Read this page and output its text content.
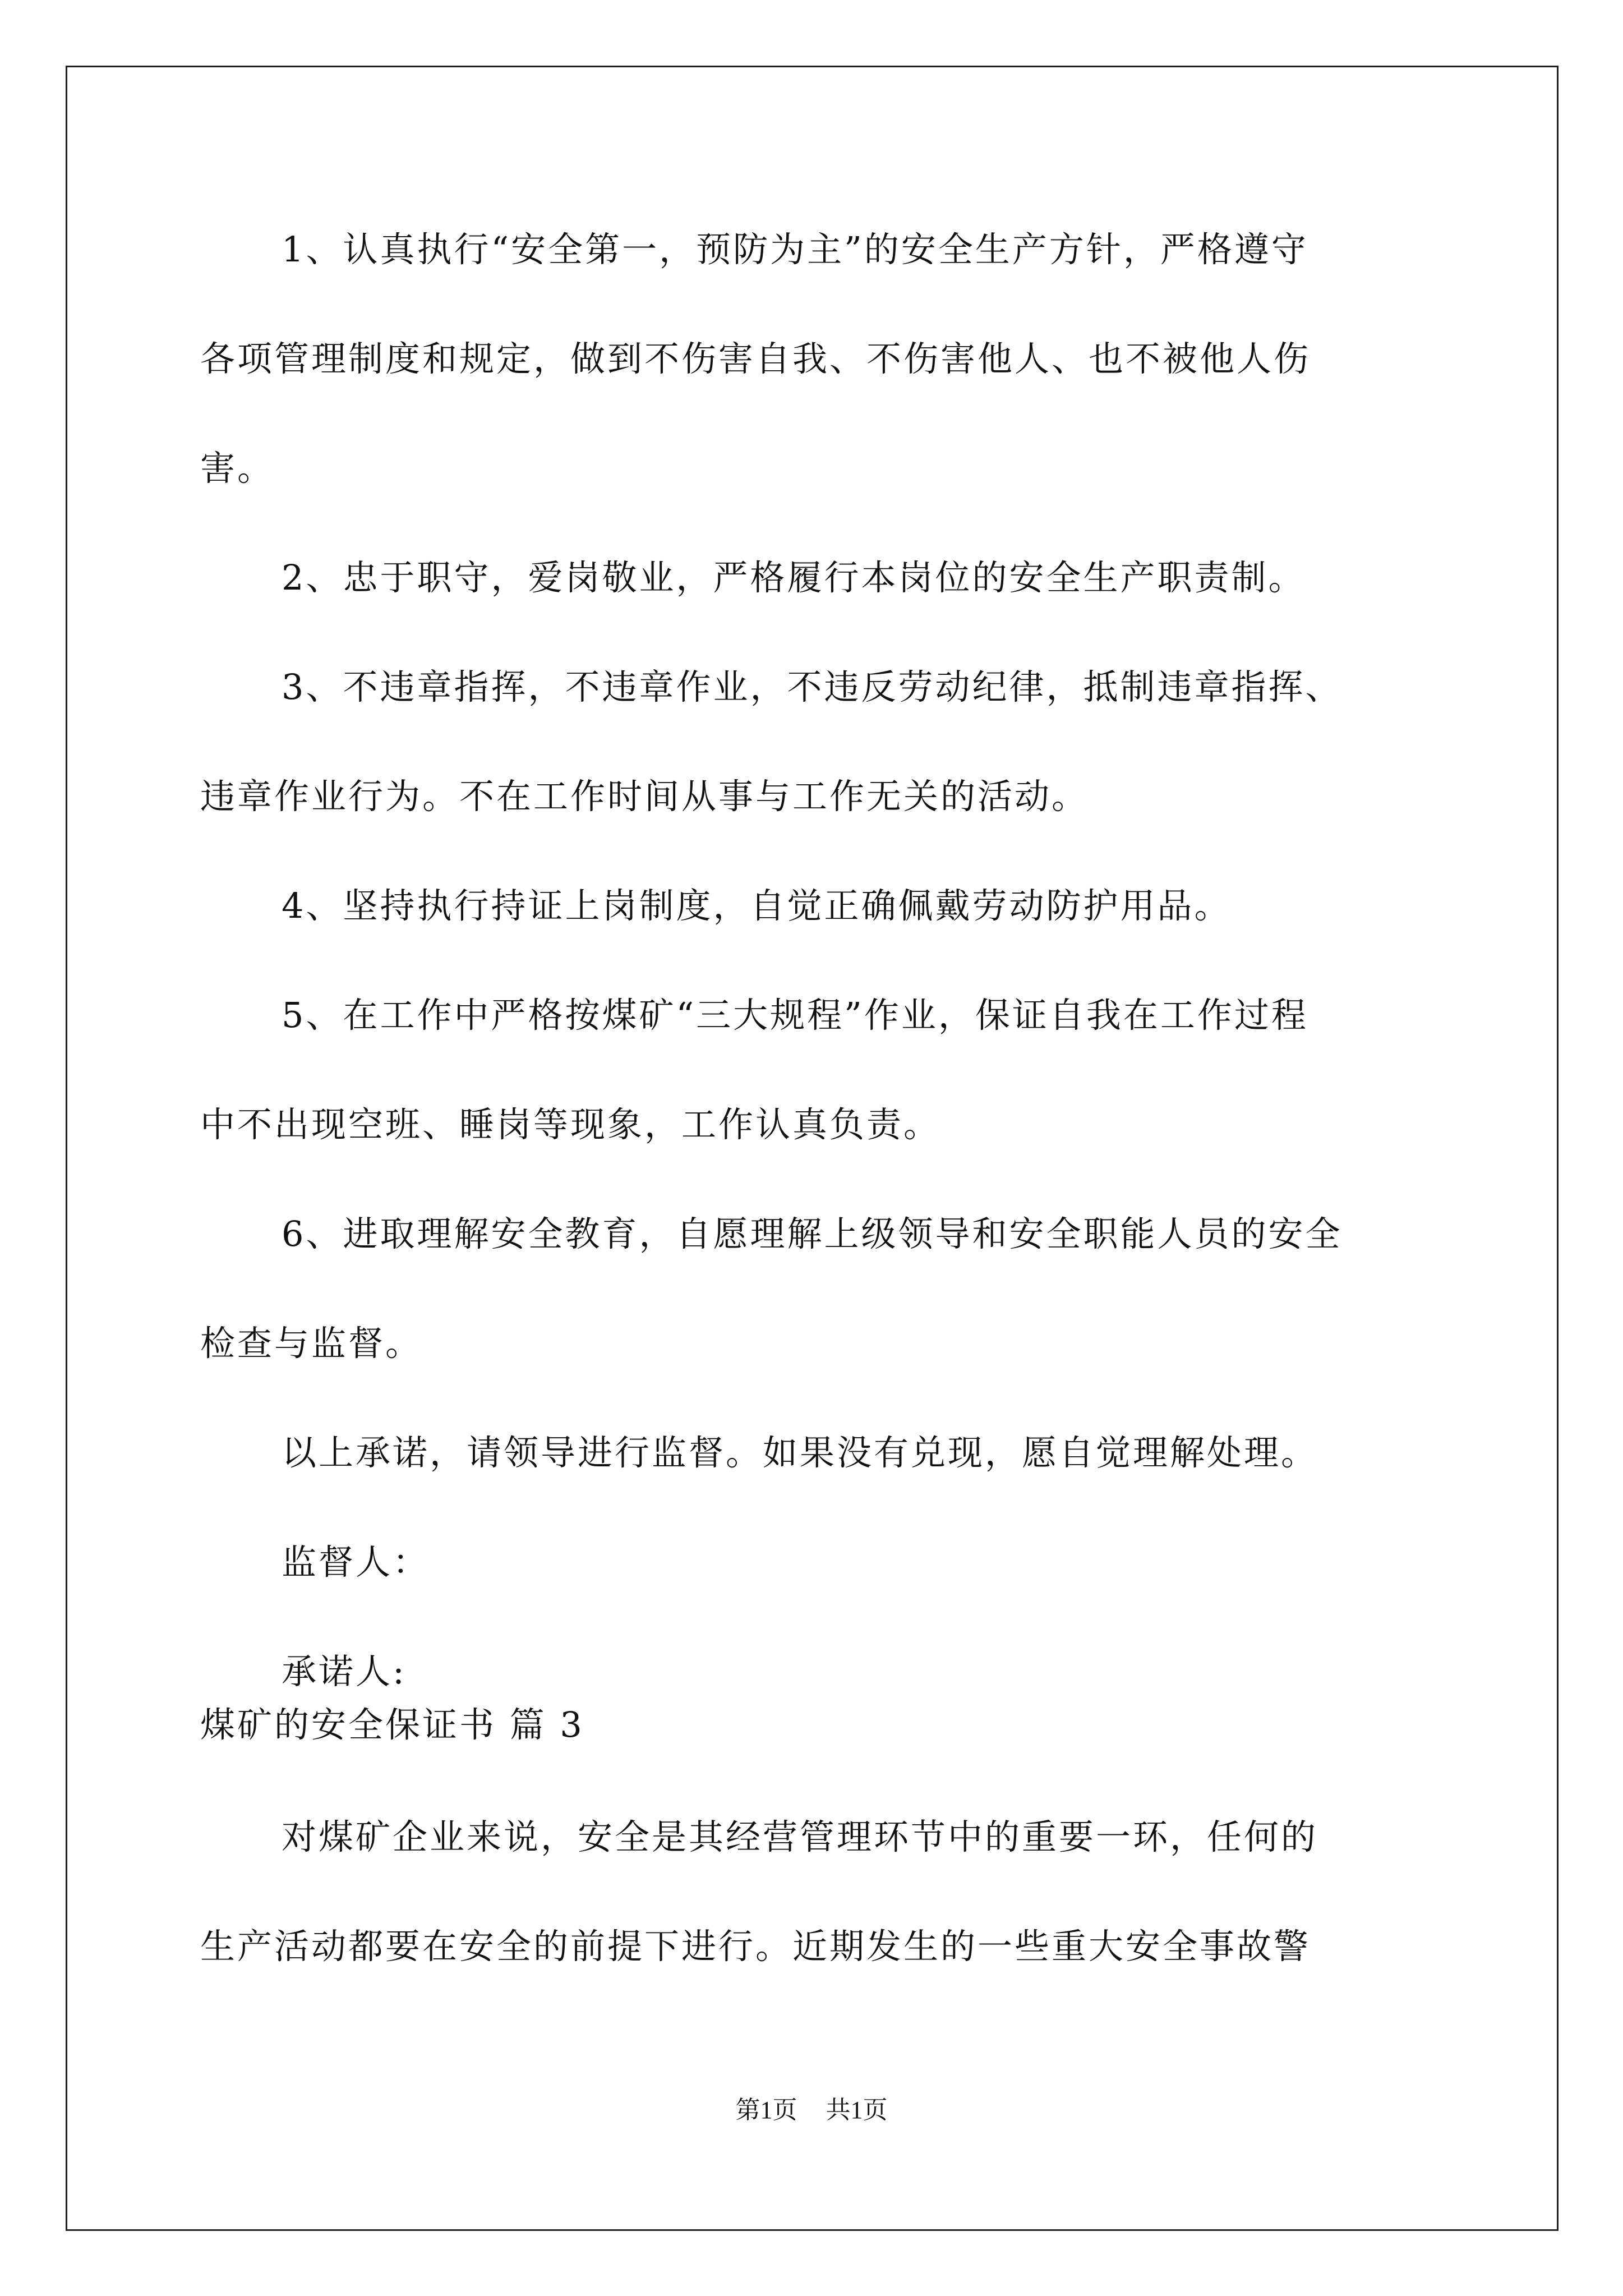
1、认真执行“安全第一，预防为主”的安全生产方针，严格遵守
各项管理制度和规定，做到不伤害自我、不伤害他人、也不被他人伤
害。
2、忠于职守，爱岗敬业，严格履行本岗位的安全生产职责制。
3、不违章指挥，不违章作业，不违反劳动纪律，抵制违章指挥、
违章作业行为。不在工作时间从事与工作无关的活动。
4、坚持执行持证上岗制度，自觉正确佩戴劳动防护用品。
5、在工作中严格按煤矿“三大规程”作业，保证自我在工作过程
中不出现空班、睡岗等现象，工作认真负责。
6、进取理解安全教育，自愿理解上级领导和安全职能人员的安全
检查与监督。
以上承诺，请领导进行监督。如果没有兑现，愿自觉理解处理。
监督人：
承诺人:
煤矿的安全保证书 篇 3
对煤矿企业来说，安全是其经营管理环节中的重要一环，任何的
生产活动都要在安全的前提下进行。近期发生的一些重大安全事故警
第1页 共1页
